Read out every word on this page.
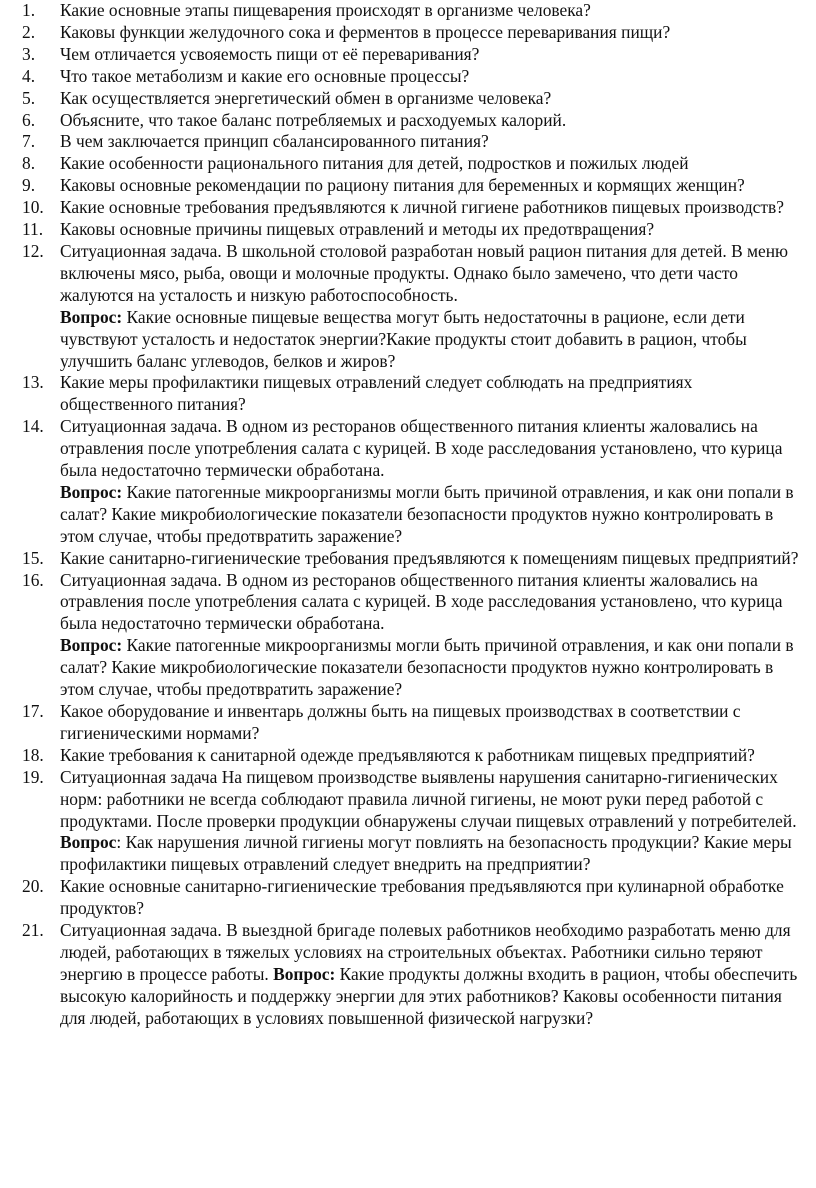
1.	Какие основные этапы пищеварения происходят в организме человека?
2.	Каковы функции желудочного сока и ферментов в процессе переваривания пищи?
3.	Чем отличается усвояемость пищи от её переваривания?
4.	Что такое метаболизм и какие его основные процессы?
5.	Как осуществляется энергетический обмен в организме человека?
6.	Объясните, что такое баланс потребляемых и расходуемых калорий.
7.	В чем заключается принцип сбалансированного питания?
8.	Какие особенности рационального питания для детей, подростков и пожилых людей
9.	Каковы основные рекомендации по рациону питания для беременных и кормящих женщин?
10. Какие основные требования предъявляются к личной гигиене работников пищевых производств?
11. Каковы основные причины пищевых отравлений и методы их предотвращения?
12. Ситуационная задача. В школьной столовой разработан новый рацион питания для детей. В меню включены мясо, рыба, овощи и молочные продукты. Однако было замечено, что дети часто жалуются на усталость и низкую работоспособность.
Вопрос: Какие основные пищевые вещества могут быть недостаточны в рационе, если дети чувствуют усталость и недостаток энергии?Какие продукты стоит добавить в рацион, чтобы улучшить баланс углеводов, белков и жиров?
13. Какие меры профилактики пищевых отравлений следует соблюдать на предприятиях общественного питания?
14. Ситуационная задача. В одном из ресторанов общественного питания клиенты жаловались на отравления после употребления салата с курицей. В ходе расследования установлено, что курица была недостаточно термически обработана.
Вопрос: Какие патогенные микроорганизмы могли быть причиной отравления, и как они попали в салат? Какие микробиологические показатели безопасности продуктов нужно контролировать в этом случае, чтобы предотвратить заражение?
15. Какие санитарно-гигиенические требования предъявляются к помещениям пищевых предприятий?
16. Ситуационная задача. В одном из ресторанов общественного питания клиенты жаловались на отравления после употребления салата с курицей. В ходе расследования установлено, что курица была недостаточно термически обработана.
Вопрос: Какие патогенные микроорганизмы могли быть причиной отравления, и как они попали в салат? Какие микробиологические показатели безопасности продуктов нужно контролировать в этом случае, чтобы предотвратить заражение?
17. Какое оборудование и инвентарь должны быть на пищевых производствах в соответствии с гигиеническими нормами?
18. Какие требования к санитарной одежде предъявляются к работникам пищевых предприятий?
19. Ситуационная задача На пищевом производстве выявлены нарушения санитарно-гигиенических норм: работники не всегда соблюдают правила личной гигиены, не моют руки перед работой с продуктами. После проверки продукции обнаружены случаи пищевых отравлений у потребителей. Вопрос: Как нарушения личной гигиены могут повлиять на безопасность продукции? Какие меры профилактики пищевых отравлений следует внедрить на предприятии?
20. Какие основные санитарно-гигиенические требования предъявляются при кулинарной обработке продуктов?
21. Ситуационная задача. В выездной бригаде полевых работников необходимо разработать меню для людей, работающих в тяжелых условиях на строительных объектах. Работники сильно теряют энергию в процессе работы. Вопрос: Какие продукты должны входить в рацион, чтобы обеспечить высокую калорийность и поддержку энергии для этих работников? Каковы особенности питания для людей, работающих в условиях повышенной физической нагрузки?
